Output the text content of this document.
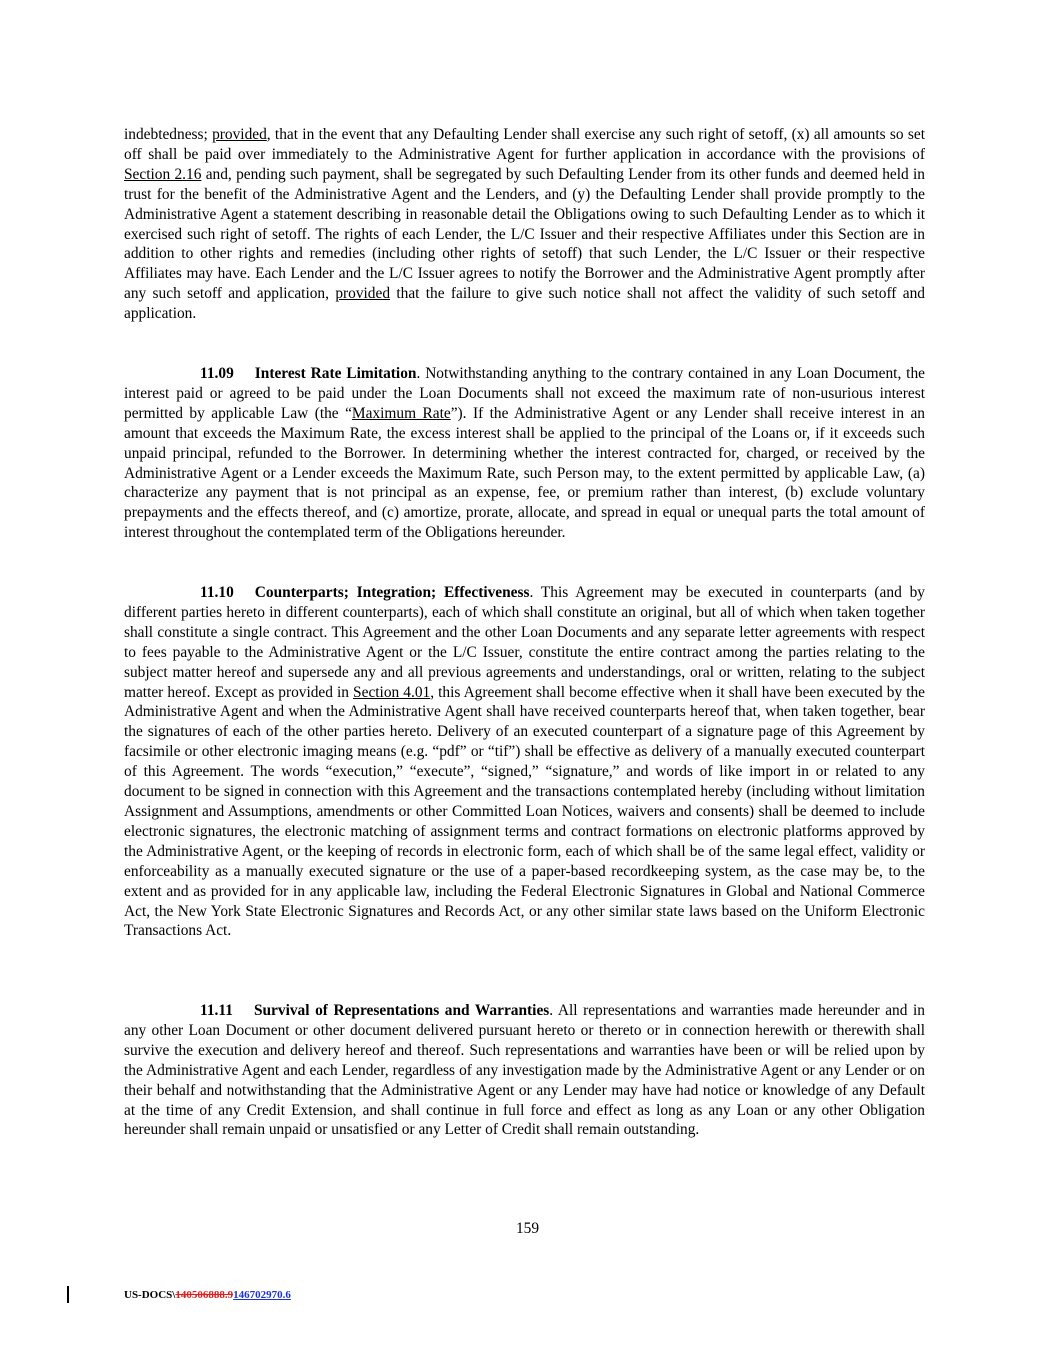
indebtedness; provided, that in the event that any Defaulting Lender shall exercise any such right of setoff, (x) all amounts so set off shall be paid over immediately to the Administrative Agent for further application in accordance with the provisions of Section 2.16 and, pending such payment, shall be segregated by such Defaulting Lender from its other funds and deemed held in trust for the benefit of the Administrative Agent and the Lenders, and (y) the Defaulting Lender shall provide promptly to the Administrative Agent a statement describing in reasonable detail the Obligations owing to such Defaulting Lender as to which it exercised such right of setoff. The rights of each Lender, the L/C Issuer and their respective Affiliates under this Section are in addition to other rights and remedies (including other rights of setoff) that such Lender, the L/C Issuer or their respective Affiliates may have. Each Lender and the L/C Issuer agrees to notify the Borrower and the Administrative Agent promptly after any such setoff and application, provided that the failure to give such notice shall not affect the validity of such setoff and application.

11.09 Interest Rate Limitation. Notwithstanding anything to the contrary contained in any Loan Document, the interest paid or agreed to be paid under the Loan Documents shall not exceed the maximum rate of non-usurious interest permitted by applicable Law (the “Maximum Rate”). If the Administrative Agent or any Lender shall receive interest in an amount that exceeds the Maximum Rate, the excess interest shall be applied to the principal of the Loans or, if it exceeds such unpaid principal, refunded to the Borrower. In determining whether the interest contracted for, charged, or received by the Administrative Agent or a Lender exceeds the Maximum Rate, such Person may, to the extent permitted by applicable Law, (a) characterize any payment that is not principal as an expense, fee, or premium rather than interest, (b) exclude voluntary prepayments and the effects thereof, and (c) amortize, prorate, allocate, and spread in equal or unequal parts the total amount of interest throughout the contemplated term of the Obligations hereunder.

11.10 Counterparts; Integration; Effectiveness. This Agreement may be executed in counterparts (and by different parties hereto in different counterparts), each of which shall constitute an original, but all of which when taken together shall constitute a single contract. This Agreement and the other Loan Documents and any separate letter agreements with respect to fees payable to the Administrative Agent or the L/C Issuer, constitute the entire contract among the parties relating to the subject matter hereof and supersede any and all previous agreements and understandings, oral or written, relating to the subject matter hereof. Except as provided in Section 4.01, this Agreement shall become effective when it shall have been executed by the Administrative Agent and when the Administrative Agent shall have received counterparts hereof that, when taken together, bear the signatures of each of the other parties hereto. Delivery of an executed counterpart of a signature page of this Agreement by facsimile or other electronic imaging means (e.g. “pdf” or “tif”) shall be effective as delivery of a manually executed counterpart of this Agreement. The words “execution,” “execute”, “signed,” “signature,” and words of like import in or related to any document to be signed in connection with this Agreement and the transactions contemplated hereby (including without limitation Assignment and Assumptions, amendments or other Committed Loan Notices, waivers and consents) shall be deemed to include electronic signatures, the electronic matching of assignment terms and contract formations on electronic platforms approved by the Administrative Agent, or the keeping of records in electronic form, each of which shall be of the same legal effect, validity or enforceability as a manually executed signature or the use of a paper-based recordkeeping system, as the case may be, to the extent and as provided for in any applicable law, including the Federal Electronic Signatures in Global and National Commerce Act, the New York State Electronic Signatures and Records Act, or any other similar state laws based on the Uniform Electronic Transactions Act.

11.11 Survival of Representations and Warranties. All representations and warranties made hereunder and in any other Loan Document or other document delivered pursuant hereto or thereto or in connection herewith or therewith shall survive the execution and delivery hereof and thereof. Such representations and warranties have been or will be relied upon by the Administrative Agent and each Lender, regardless of any investigation made by the Administrative Agent or any Lender or on their behalf and notwithstanding that the Administrative Agent or any Lender may have had notice or knowledge of any Default at the time of any Credit Extension, and shall continue in full force and effect as long as any Loan or any other Obligation hereunder shall remain unpaid or unsatisfied or any Letter of Credit shall remain outstanding.

159
US-DOCS\140506888.9146702970.6
